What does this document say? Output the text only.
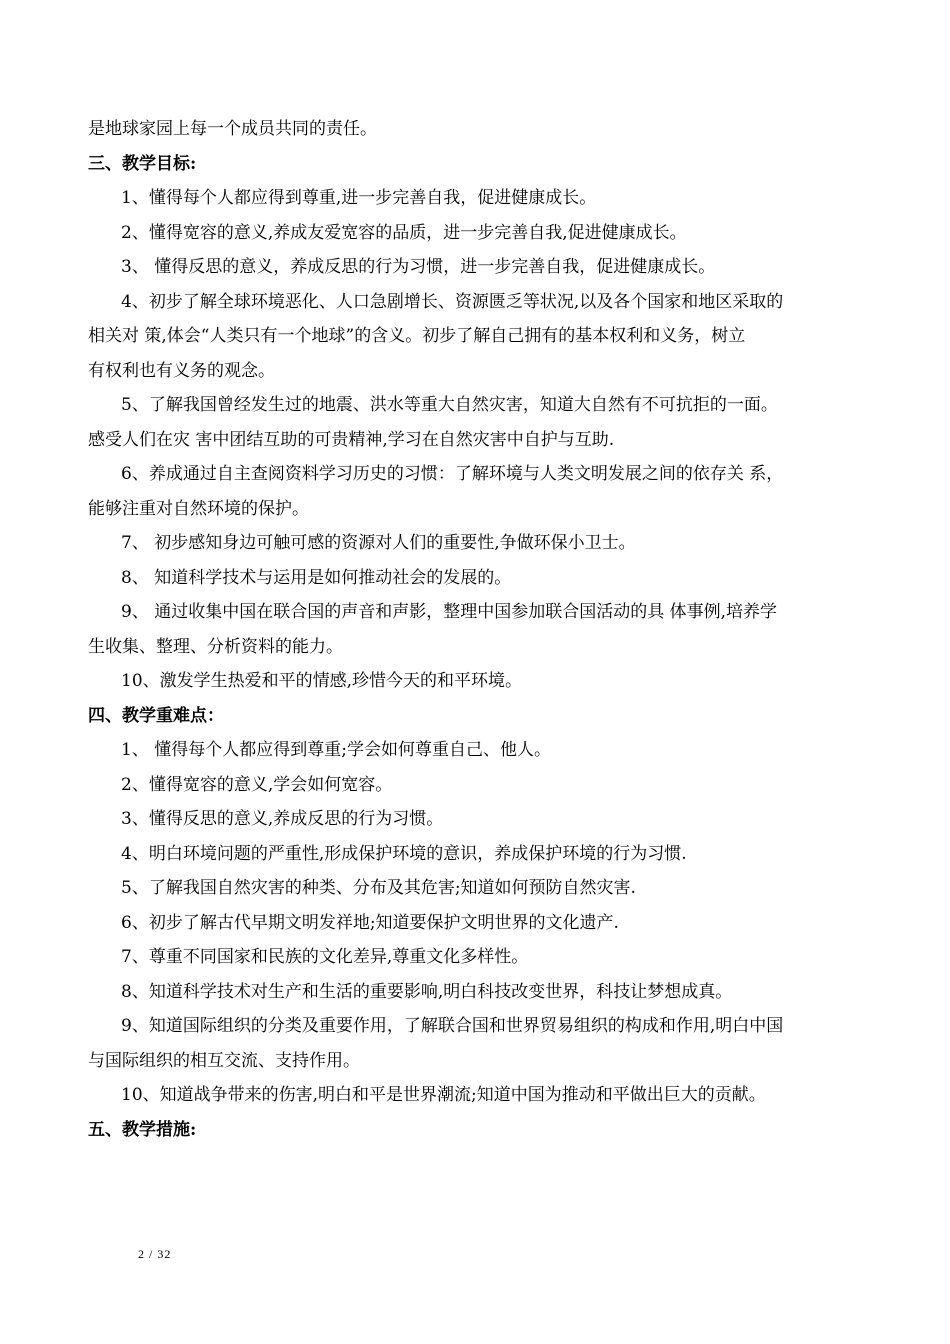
是地球家园上每一个成员共同的责任。
三、教学目标:
1、懂得每个人都应得到尊重,进一步完善自我，促进健康成长。
2、懂得宽容的意义,养成友爱宽容的品质，进一步完善自我,促进健康成长。
3、 懂得反思的意义，养成反思的行为习惯，进一步完善自我，促进健康成长。
4、初步了解全球环境恶化、人口急剧增长、资源匮乏等状况,以及各个国家和地区采取的
相关对 策,体会“人类只有一个地球”的含义。初步了解自己拥有的基本权利和义务，树立
有权利也有义务的观念。
5、了解我国曾经发生过的地震、洪水等重大自然灾害，知道大自然有不可抗拒的一面。
感受人们在灾 害中团结互助的可贵精神,学习在自然灾害中自护与互助.
6、养成通过自主查阅资料学习历史的习惯：了解环境与人类文明发展之间的依存关 系，
能够注重对自然环境的保护。
7、 初步感知身边可触可感的资源对人们的重要性,争做环保小卫士。
8、 知道科学技术与运用是如何推动社会的发展的。
9、 通过收集中国在联合国的声音和声影，整理中国参加联合国活动的具 体事例,培养学
生收集、整理、分析资料的能力。
10、激发学生热爱和平的情感,珍惜今天的和平环境。
四、教学重难点：
1、 懂得每个人都应得到尊重;学会如何尊重自己、他人。
2、懂得宽容的意义,学会如何宽容。
3、懂得反思的意义,养成反思的行为习惯。
4、明白环境问题的严重性,形成保护环境的意识，养成保护环境的行为习惯.
5、了解我国自然灾害的种类、分布及其危害;知道如何预防自然灾害.
6、初步了解古代早期文明发祥地;知道要保护文明世界的文化遗产.
7、尊重不同国家和民族的文化差异,尊重文化多样性。
8、知道科学技术对生产和生活的重要影响,明白科技改变世界，科技让梦想成真。
9、知道国际组织的分类及重要作用，了解联合国和世界贸易组织的构成和作用,明白中国
与国际组织的相互交流、支持作用。
10、知道战争带来的伤害,明白和平是世界潮流;知道中国为推动和平做出巨大的贡献。
五、教学措施:
2 / 32
